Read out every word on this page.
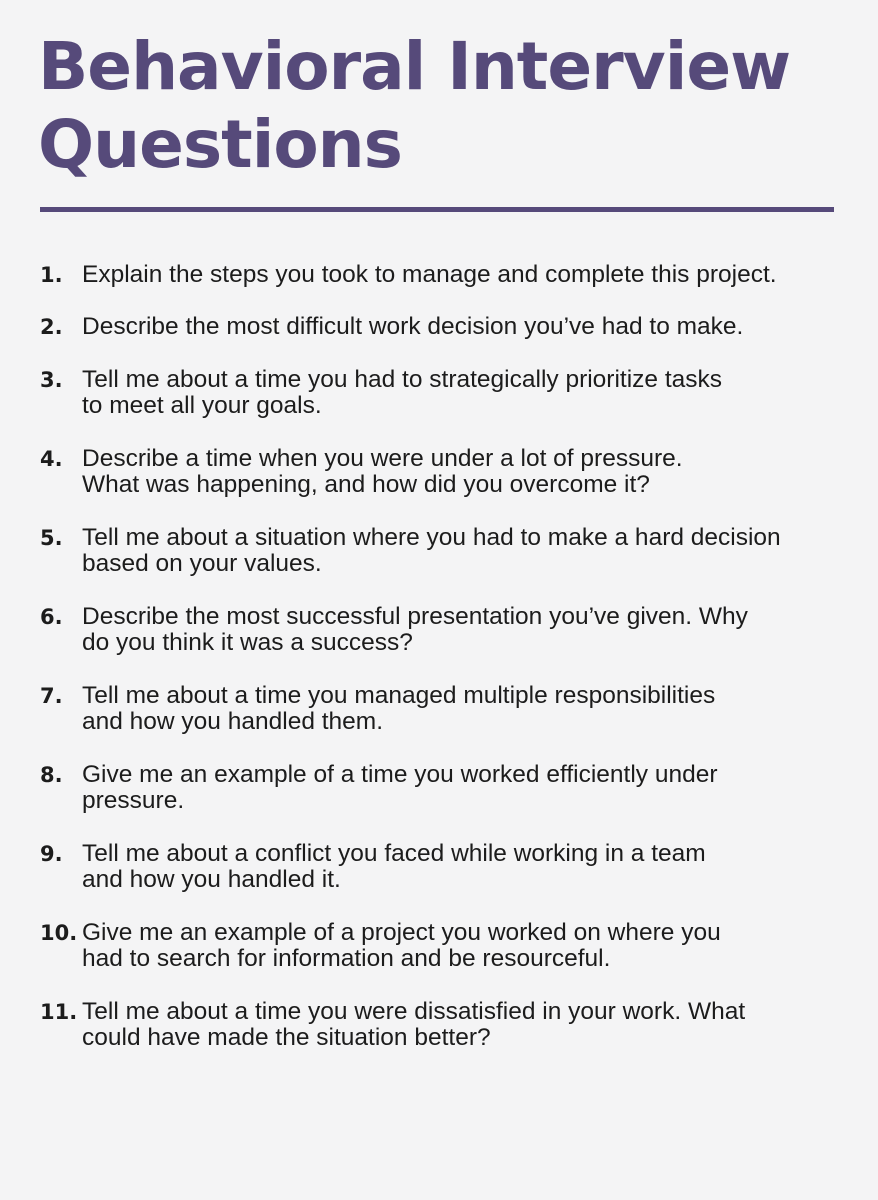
Behavioral Interview
Questions
1. Explain the steps you took to manage and complete this project.
2. Describe the most difficult work decision you’ve had to make.
3. Tell me about a time you had to strategically prioritize tasks
to meet all your goals.
4. Describe a time when you were under a lot of pressure.
What was happening, and how did you overcome it?
5. Tell me about a situation where you had to make a hard decision
based on your values.
6. Describe the most successful presentation you’ve given. Why
do you think it was a success?
7. Tell me about a time you managed multiple responsibilities
and how you handled them.
8. Give me an example of a time you worked efficiently under
pressure.
9. Tell me about a conflict you faced while working in a team
and how you handled it.
10. Give me an example of a project you worked on where you
had to search for information and be resourceful.
11. Tell me about a time you were dissatisfied in your work. What
could have made the situation better?
